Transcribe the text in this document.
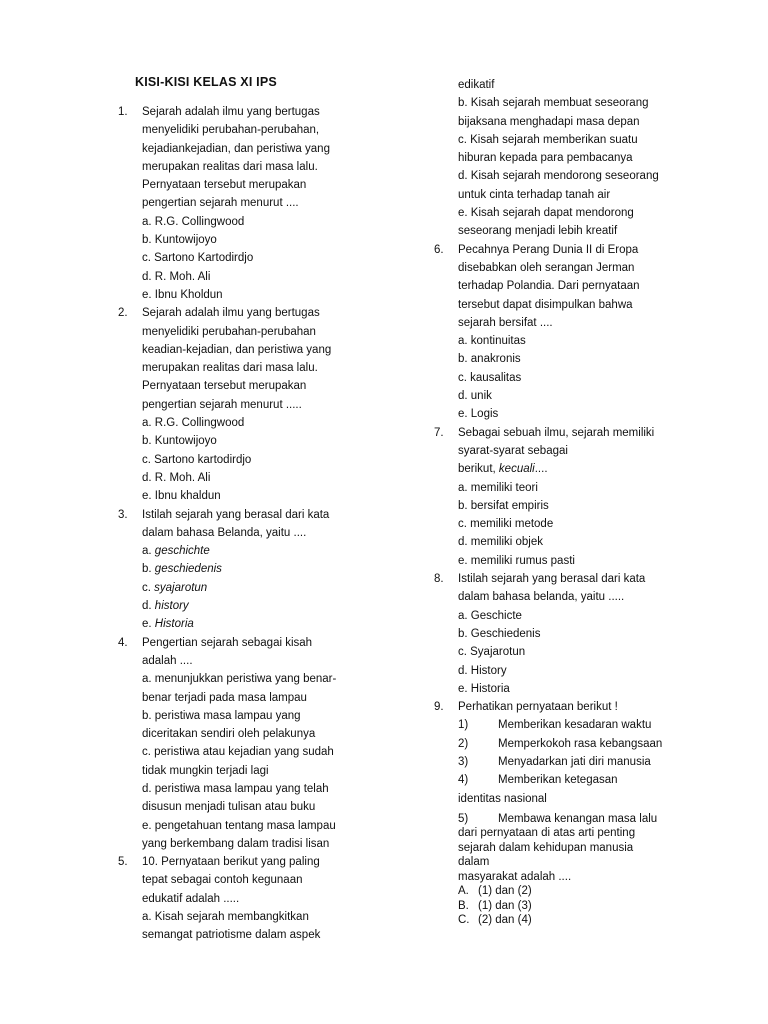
KISI-KISI KELAS XI IPS
1.	Sejarah adalah ilmu yang bertugas
menyelidiki perubahan-perubahan,
kejadiankejadian, dan peristiwa yang
merupakan realitas dari masa lalu.
Pernyataan tersebut merupakan
pengertian sejarah menurut ....
a. R.G. Collingwood
b. Kuntowijoyo
c. Sartono Kartodirdjo
d. R. Moh. Ali
e. Ibnu Kholdun
2.	Sejarah adalah ilmu yang bertugas
menyelidiki perubahan-perubahan
keadian-kejadian, dan peristiwa yang
merupakan realitas dari masa lalu.
Pernyataan tersebut merupakan
pengertian sejarah menurut .....
a. R.G. Collingwood
b. Kuntowijoyo
c. Sartono kartodirdjo
d. R. Moh. Ali
e. Ibnu khaldun
3.	Istilah sejarah yang berasal dari kata
dalam bahasa Belanda, yaitu ....
a. geschichte
b. geschiedenis
c. syajarotun
d. history
e. Historia
4.	Pengertian sejarah sebagai kisah
adalah ....
a. menunjukkan peristiwa yang benar-
benar terjadi pada masa lampau
b. peristiwa masa lampau yang
diceritakan sendiri oleh pelakunya
c. peristiwa atau kejadian yang sudah
tidak mungkin terjadi lagi
d. peristiwa masa lampau yang telah
disusun menjadi tulisan atau buku
e. pengetahuan tentang masa lampau
yang berkembang dalam tradisi lisan
5.	10. Pernyataan berikut yang paling
tepat sebagai contoh kegunaan
edukatif adalah .....
a. Kisah sejarah membangkitkan
semangat patriotisme dalam aspek
edikatif
b. Kisah sejarah membuat seseorang
bijaksana menghadapi masa depan
c. Kisah sejarah memberikan suatu
hiburan kepada para pembacanya
d. Kisah sejarah mendorong seseorang
untuk cinta terhadap tanah air
e. Kisah sejarah dapat mendorong
seseorang menjadi lebih kreatif
6.	Pecahnya Perang Dunia II di Eropa
disebabkan oleh serangan Jerman
terhadap Polandia. Dari pernyataan
tersebut dapat disimpulkan bahwa
sejarah bersifat ....
a. kontinuitas
b. anakronis
c. kausalitas
d. unik
e. Logis
7.	Sebagai sebuah ilmu, sejarah memiliki
syarat-syarat sebagai
berikut, kecuali....
a. memiliki teori
b. bersifat empiris
c. memiliki metode
d. memiliki objek
e. memiliki rumus pasti
8.	Istilah sejarah yang berasal dari kata
dalam bahasa belanda, yaitu .....
a. Geschicte
b. Geschiedenis
c. Syajarotun
d. History
e. Historia
9.	Perhatikan pernyataan berikut !
1)	Memberikan kesadaran waktu
2)	Memperkokoh rasa kebangsaan
3)	Menyadarkan jati diri manusia
4)	Memberikan ketegasan
identitas nasional
5)	Membawa kenangan masa lalu
dari pernyataan di atas arti penting
sejarah dalam kehidupan manusia
dalam
masyarakat adalah ....
A. (1) dan (2)
B. (1) dan (3)
C. (2) dan (4)
